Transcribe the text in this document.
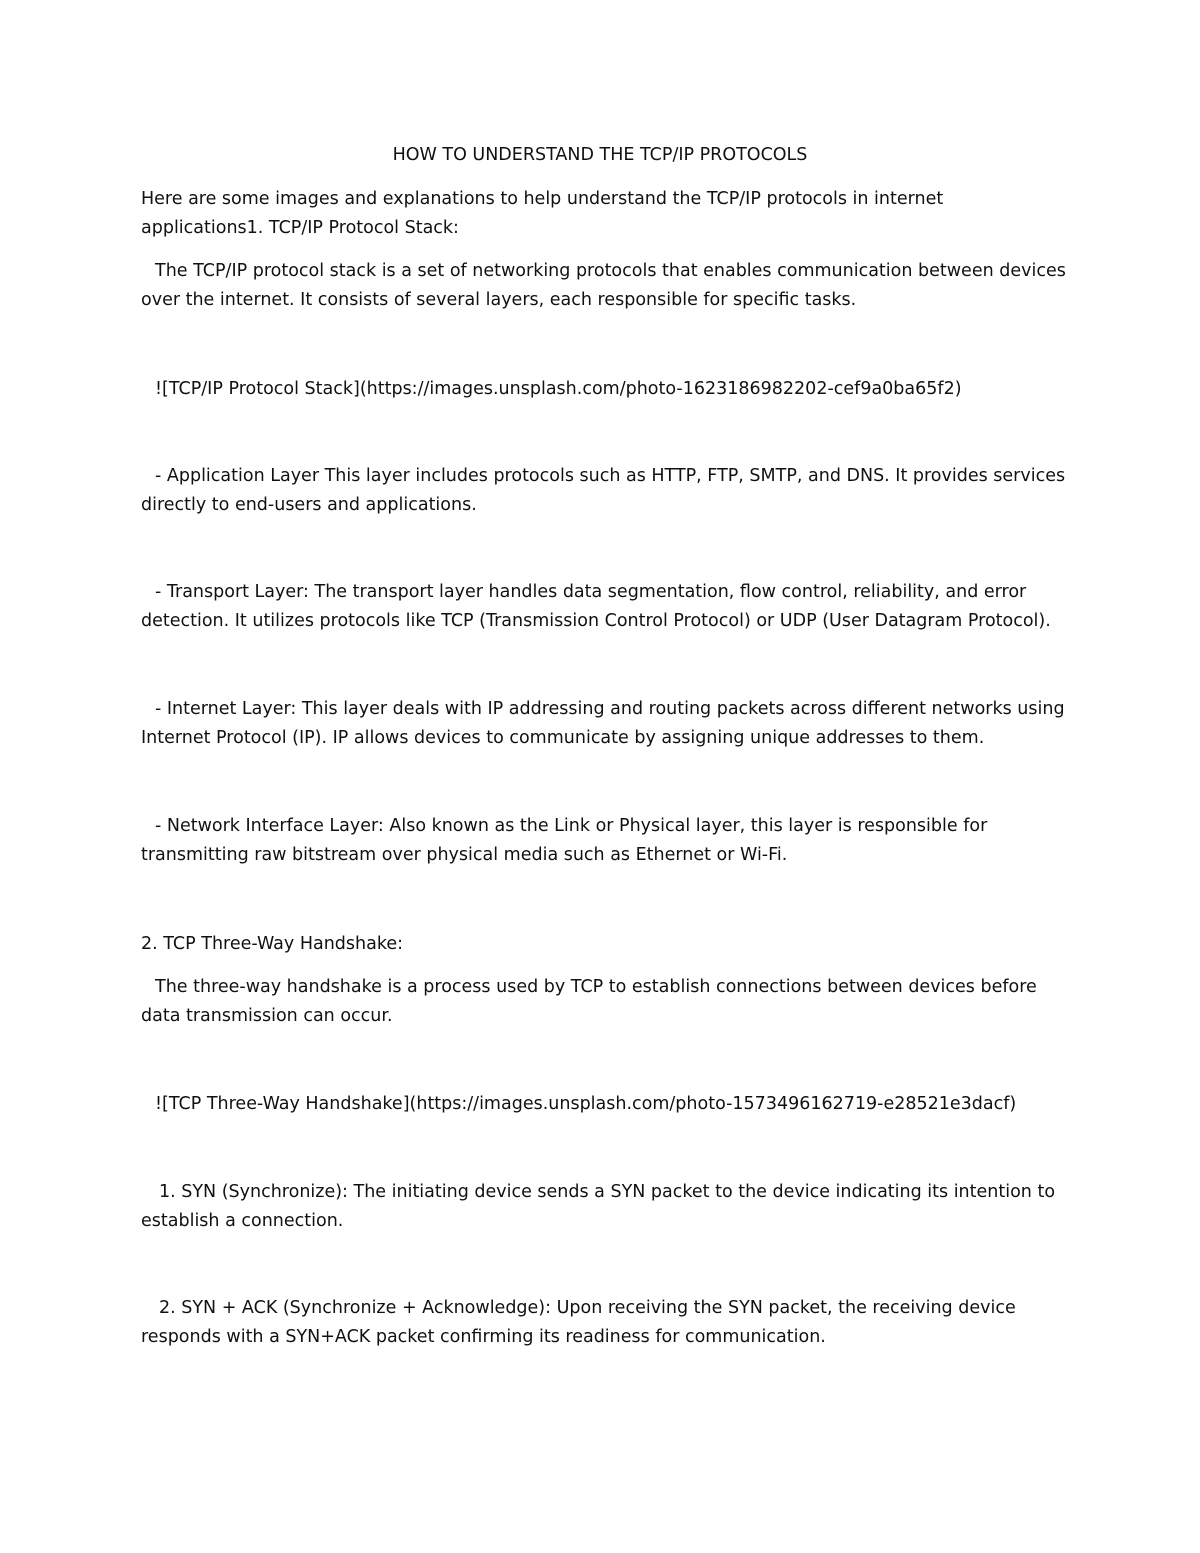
HOW TO UNDERSTAND THE TCP/IP PROTOCOLS

Here are some images and explanations to help understand the TCP/IP protocols in internet applications1. TCP/IP Protocol Stack:

The TCP/IP protocol stack is a set of networking protocols that enables communication between devices over the internet. It consists of several layers, each responsible for specific tasks.

![TCP/IP Protocol Stack](https://images.unsplash.com/photo-1623186982202-cef9a0ba65f2)

- Application Layer This layer includes protocols such as HTTP, FTP, SMTP, and DNS. It provides services directly to end-users and applications.

- Transport Layer: The transport layer handles data segmentation, flow control, reliability, and error detection. It utilizes protocols like TCP (Transmission Control Protocol) or UDP (User Datagram Protocol).

- Internet Layer: This layer deals with IP addressing and routing packets across different networks using Internet Protocol (IP). IP allows devices to communicate by assigning unique addresses to them.

- Network Interface Layer: Also known as the Link or Physical layer, this layer is responsible for transmitting raw bitstream over physical media such as Ethernet or Wi-Fi.

2. TCP Three-Way Handshake:

The three-way handshake is a process used by TCP to establish connections between devices before data transmission can occur.

![TCP Three-Way Handshake](https://images.unsplash.com/photo-1573496162719-e28521e3dacf)

1. SYN (Synchronize): The initiating device sends a SYN packet to the device indicating its intention to establish a connection.

2. SYN + ACK (Synchronize + Acknowledge): Upon receiving the SYN packet, the receiving device responds with a SYN+ACK packet confirming its readiness for communication.
